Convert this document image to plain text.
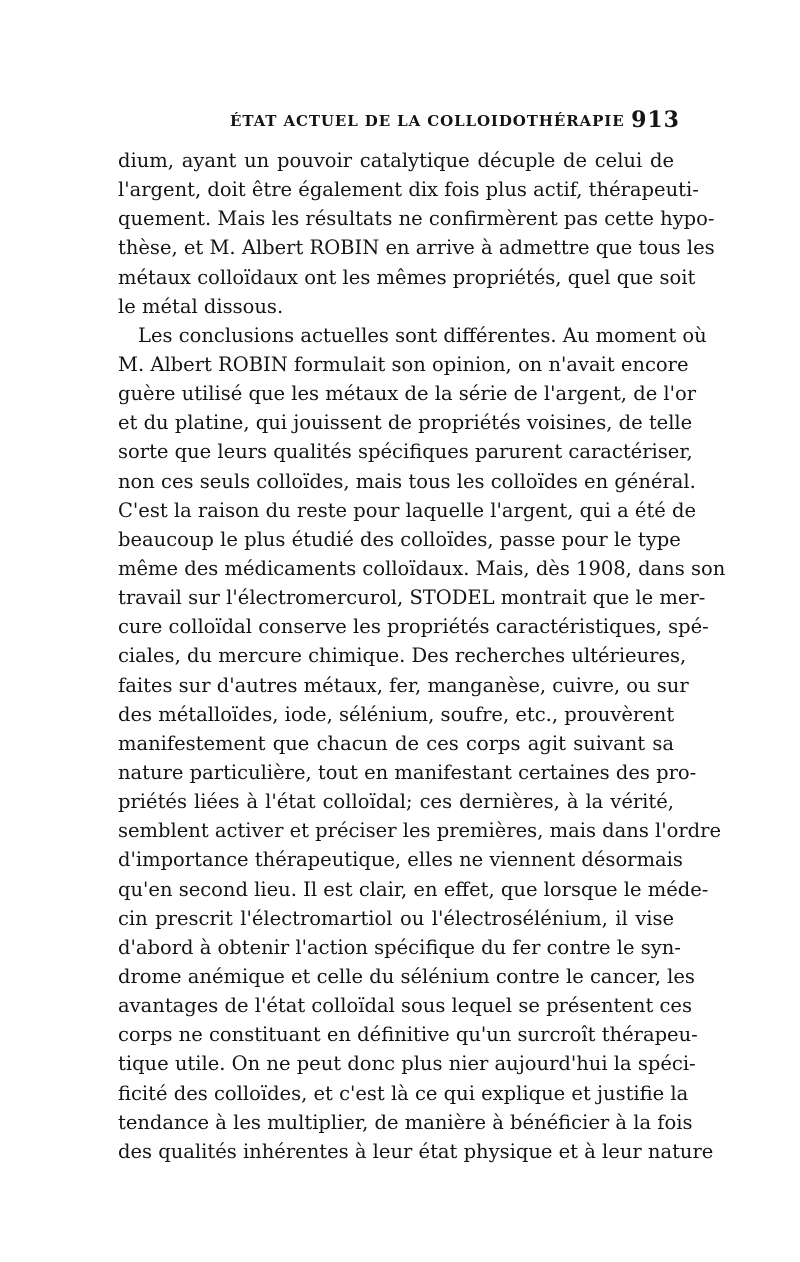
ÉTAT ACTUEL DE LA COLLOIDOTHÉRAPIE 913
dium, ayant un pouvoir catalytique décuple de celui de
l'argent, doit être également dix fois plus actif, thérapeuti-
quement. Mais les résultats ne confirmèrent pas cette hypo-
thèse, et M. Albert ROBIN en arrive à admettre que tous les
métaux colloïdaux ont les mêmes propriétés, quel que soit
le métal dissous.
Les conclusions actuelles sont différentes. Au moment où
M. Albert ROBIN formulait son opinion, on n'avait encore
guère utilisé que les métaux de la série de l'argent, de l'or
et du platine, qui jouissent de propriétés voisines, de telle
sorte que leurs qualités spécifiques parurent caractériser,
non ces seuls colloïdes, mais tous les colloïdes en général.
C'est la raison du reste pour laquelle l'argent, qui a été de
beaucoup le plus étudié des colloïdes, passe pour le type
même des médicaments colloïdaux. Mais, dès 1908, dans son
travail sur l'électromercurol, STODEL montrait que le mer-
cure colloïdal conserve les propriétés caractéristiques, spé-
ciales, du mercure chimique. Des recherches ultérieures,
faites sur d'autres métaux, fer, manganèse, cuivre, ou sur
des métalloïdes, iode, sélénium, soufre, etc., prouvèrent
manifestement que chacun de ces corps agit suivant sa
nature particulière, tout en manifestant certaines des pro-
priétés liées à l'état colloïdal; ces dernières, à la vérité,
semblent activer et préciser les premières, mais dans l'ordre
d'importance thérapeutique, elles ne viennent désormais
qu'en second lieu. Il est clair, en effet, que lorsque le méde-
cin prescrit l'électromartiol ou l'électrosélénium, il vise
d'abord à obtenir l'action spécifique du fer contre le syn-
drome anémique et celle du sélénium contre le cancer, les
avantages de l'état colloïdal sous lequel se présentent ces
corps ne constituant en définitive qu'un surcroît thérapeu-
tique utile. On ne peut donc plus nier aujourd'hui la spéci-
ficité des colloïdes, et c'est là ce qui explique et justifie la
tendance à les multiplier, de manière à bénéficier à la fois
des qualités inhérentes à leur état physique et à leur nature
